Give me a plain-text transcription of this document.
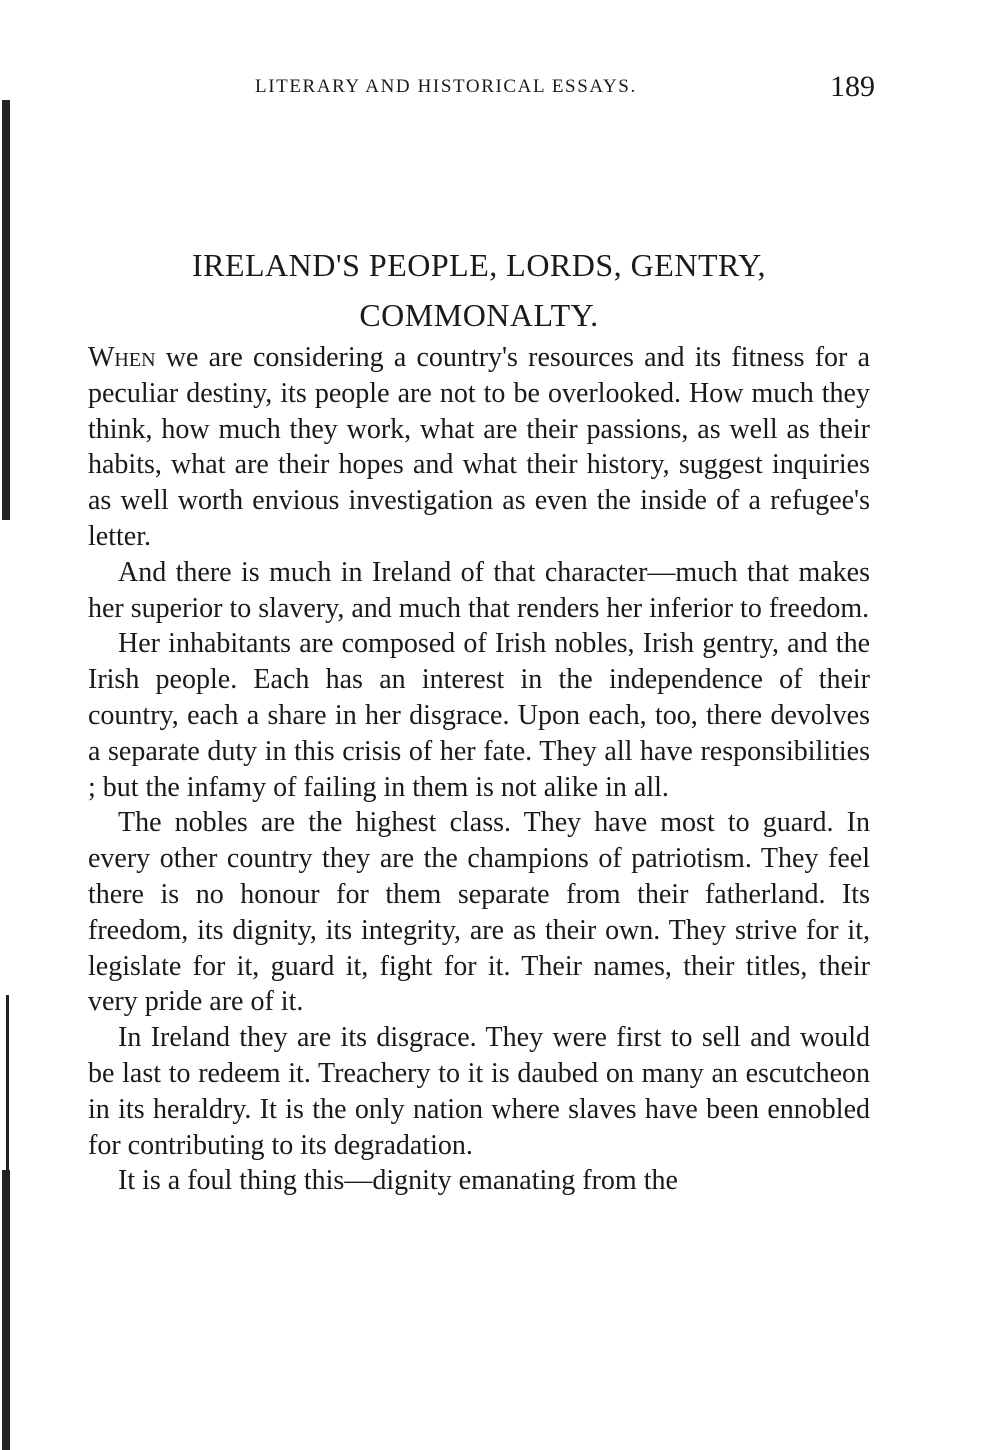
LITERARY AND HISTORICAL ESSAYS.	189
IRELAND'S PEOPLE, LORDS, GENTRY,
COMMONALTY.

When we are considering a country's resources and its fitness for a peculiar destiny, its people are not to be overlooked. How much they think, how much they work, what are their passions, as well as their habits, what are their hopes and what their history, suggest inquiries as well worth envious investigation as even the inside of a refugee's letter.

And there is much in Ireland of that character—much that makes her superior to slavery, and much that renders her inferior to freedom.

Her inhabitants are composed of Irish nobles, Irish gentry, and the Irish people. Each has an interest in the independence of their country, each a share in her disgrace. Upon each, too, there devolves a separate duty in this crisis of her fate. They all have responsibilities ; but the infamy of failing in them is not alike in all.

The nobles are the highest class. They have most to guard. In every other country they are the champions of patriotism. They feel there is no honour for them separate from their fatherland. Its freedom, its dignity, its integrity, are as their own. They strive for it, legislate for it, guard it, fight for it. Their names, their titles, their very pride are of it.

In Ireland they are its disgrace. They were first to sell and would be last to redeem it. Treachery to it is daubed on many an escutcheon in its heraldry. It is the only nation where slaves have been ennobled for contributing to its degradation.

It is a foul thing this—dignity emanating from the
